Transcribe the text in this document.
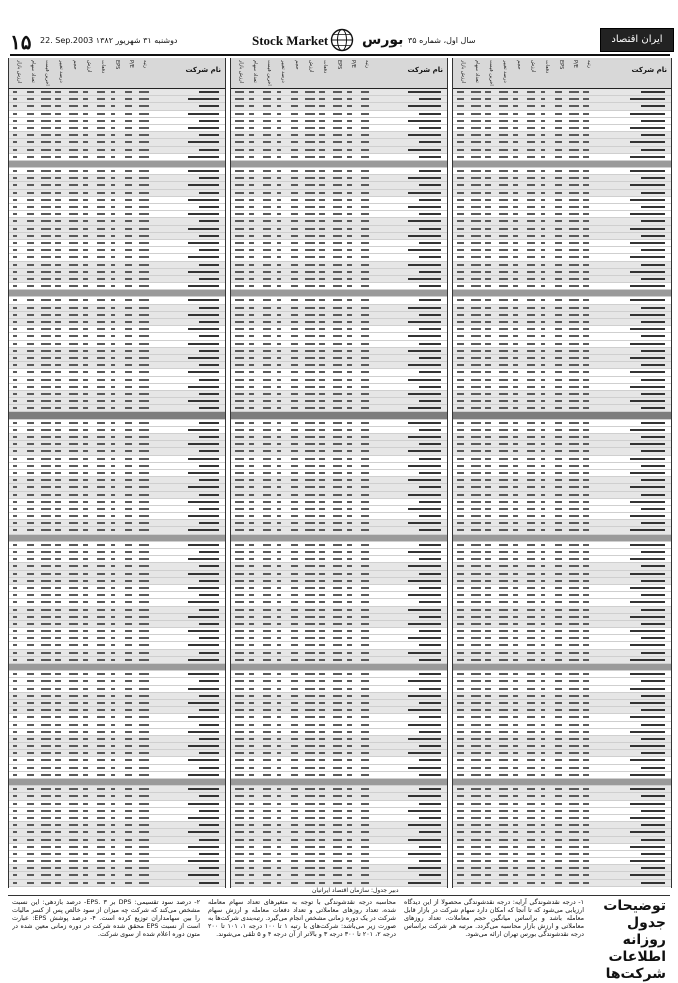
۱۵ 22. Sep.2003 دوشنبه ۳۱ شهریور ۱۳۸۲	Stock Market بورس سال اول، شماره ۳۵	ایران اقتصاد
نام شرکت
ارزش بازار	تعداد سهام	آخرین قیمت	درصد تغییر	حجم	ارزش	دفعات	EPS	P/E	رتبه
نام شرکت
ارزش بازار	تعداد سهام	آخرین قیمت	درصد تغییر	حجم	ارزش	دفعات	EPS	P/E	رتبه
نام شرکت
ارزش بازار	تعداد سهام	آخرین قیمت	درصد تغییر	حجم	ارزش	دفعات	EPS	P/E	رتبه
دبیر جدول: سازمان اقتصاد ایرانیان
۲- درصد سود تقسیمی: DPS بر EPS. ۳- درصد بازدهی: این نسبت مشخص می‌کند که شرکت چه میزان از سود خالص پس از کسر مالیات را بین سهامداران توزیع کرده است. ۴- درصد پوشش EPS: عبارت است از نسبت EPS محقق شده شرکت در دوره زمانی معین شده در متون دوره اعلام شده از سوی شرکت.
محاسبه درجه نقدشوندگی با توجه به متغیرهای تعداد سهام معامله شده، تعداد روزهای معاملاتی و تعداد دفعات معامله و ارزش سهام شرکت در یک دوره زمانی مشخص انجام می‌گیرد. رتبه‌بندی شرکت‌ها به صورت زیر می‌باشد: شرکت‌های با رتبه ۱ تا ۱۰۰ درجه ۱، ۱۰۱ تا ۲۰۰ درجه ۲، ۲۰۱ تا ۳۰۰ درجه ۳ و بالاتر از آن درجه ۴ و ۵ تلقی می‌شوند.
۱- درجه نقدشوندگی آرایه: درجه نقدشوندگی محصولا از این دیدگاه ارزیابی می‌شود که تا آنجا که امکان دارد سهام شرکت در بازار قابل معامله باشد و براساس میانگین حجم معاملات، تعداد روزهای معاملاتی و ارزش بازار محاسبه می‌گردد. مرتبه هر شرکت براساس درجه نقدشوندگی بورس تهران ارائه می‌شود.
توضیحات
جدول روزانه
اطلاعات شرکت‌ها
